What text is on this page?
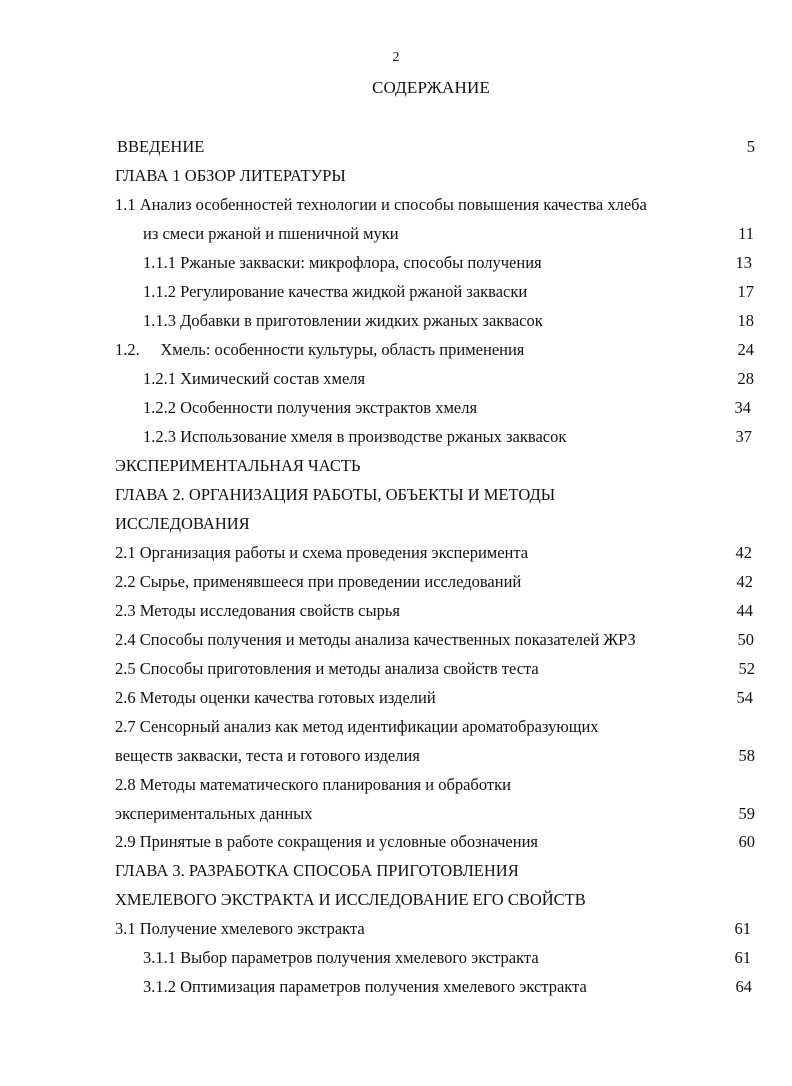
2
СОДЕРЖАНИЕ
ВВЕДЕНИЕ	5
ГЛАВА 1 ОБЗОР ЛИТЕРАТУРЫ
1.1 Анализ особенностей технологии и способы повышения качества хлеба
из смеси ржаной и пшеничной муки	11
1.1.1 Ржаные закваски: микрофлора, способы получения	13
1.1.2 Регулирование качества жидкой ржаной закваски	17
1.1.3 Добавки в приготовлении жидких ржаных заквасок	18
1.2.     Хмель: особенности культуры, область применения	24
1.2.1 Химический состав хмеля	28
1.2.2 Особенности получения экстрактов хмеля	34
1.2.3 Использование хмеля в производстве ржаных заквасок	37
ЭКСПЕРИМЕНТАЛЬНАЯ ЧАСТЬ
ГЛАВА 2. ОРГАНИЗАЦИЯ РАБОТЫ, ОБЪЕКТЫ И МЕТОДЫ
ИССЛЕДОВАНИЯ
2.1 Организация работы и схема проведения эксперимента	42
2.2 Сырье, применявшееся при проведении исследований	42
2.3 Методы исследования свойств сырья	44
2.4 Способы получения и методы анализа качественных показателей ЖРЗ	50
2.5 Способы приготовления и методы анализа свойств теста	52
2.6 Методы оценки качества готовых изделий	54
2.7 Сенсорный анализ как метод идентификации ароматобразующих
веществ закваски, теста и готового изделия	58
2.8 Методы математического планирования и обработки
экспериментальных данных	59
2.9 Принятые в работе сокращения и условные обозначения	60
ГЛАВА 3. РАЗРАБОТКА СПОСОБА ПРИГОТОВЛЕНИЯ
ХМЕЛЕВОГО ЭКСТРАКТА И ИССЛЕДОВАНИЕ ЕГО СВОЙСТВ
3.1 Получение хмелевого экстракта	61
3.1.1 Выбор параметров получения хмелевого экстракта	61
3.1.2 Оптимизация параметров получения хмелевого экстракта	64
